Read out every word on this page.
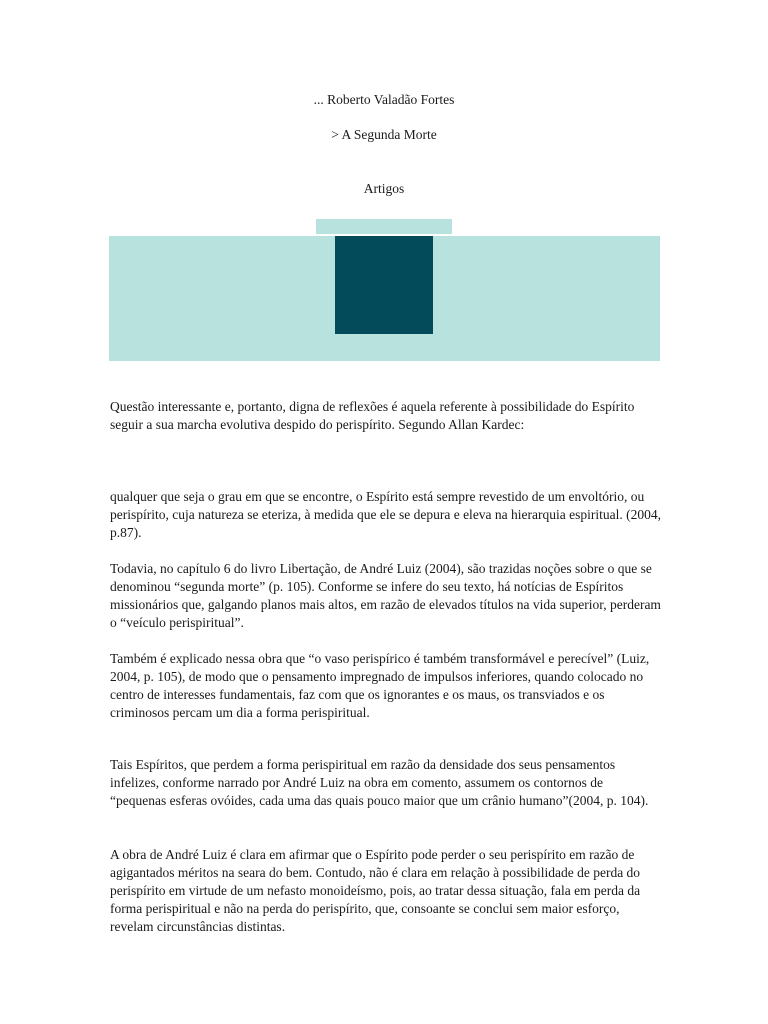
... Roberto Valadão Fortes
> A Segunda Morte
Artigos

Questão interessante e, portanto, digna de reflexões é aquela referente à possibilidade do Espírito seguir a sua marcha evolutiva despido do perispírito. Segundo Allan Kardec:

qualquer que seja o grau em que se encontre, o Espírito está sempre revestido de um envoltório, ou perispírito, cuja natureza se eteriza, à medida que ele se depura e eleva na hierarquia espiritual. (2004, p.87).

Todavia, no capítulo 6 do livro Libertação, de André Luiz (2004), são trazidas noções sobre o que se denominou “segunda morte” (p. 105). Conforme se infere do seu texto, há notícias de Espíritos missionários que, galgando planos mais altos, em razão de elevados títulos na vida superior, perderam o “veículo perispiritual”.

Também é explicado nessa obra que “o vaso perispírico é também transformável e perecível” (Luiz, 2004, p. 105), de modo que o pensamento impregnado de impulsos inferiores, quando colocado no centro de interesses fundamentais, faz com que os ignorantes e os maus, os transviados e os criminosos percam um dia a forma perispiritual.

Tais Espíritos, que perdem a forma perispiritual em razão da densidade dos seus pensamentos infelizes, conforme narrado por André Luiz na obra em comento, assumem os contornos de “pequenas esferas ovóides, cada uma das quais pouco maior que um crânio humano”(2004, p. 104).

A obra de André Luiz é clara em afirmar que o Espírito pode perder o seu perispírito em razão de agigantados méritos na seara do bem. Contudo, não é clara em relação à possibilidade de perda do perispírito em virtude de um nefasto monoideísmo, pois, ao tratar dessa situação, fala em perda da forma perispiritual e não na perda do perispírito, que, consoante se conclui sem maior esforço, revelam circunstâncias distintas.
